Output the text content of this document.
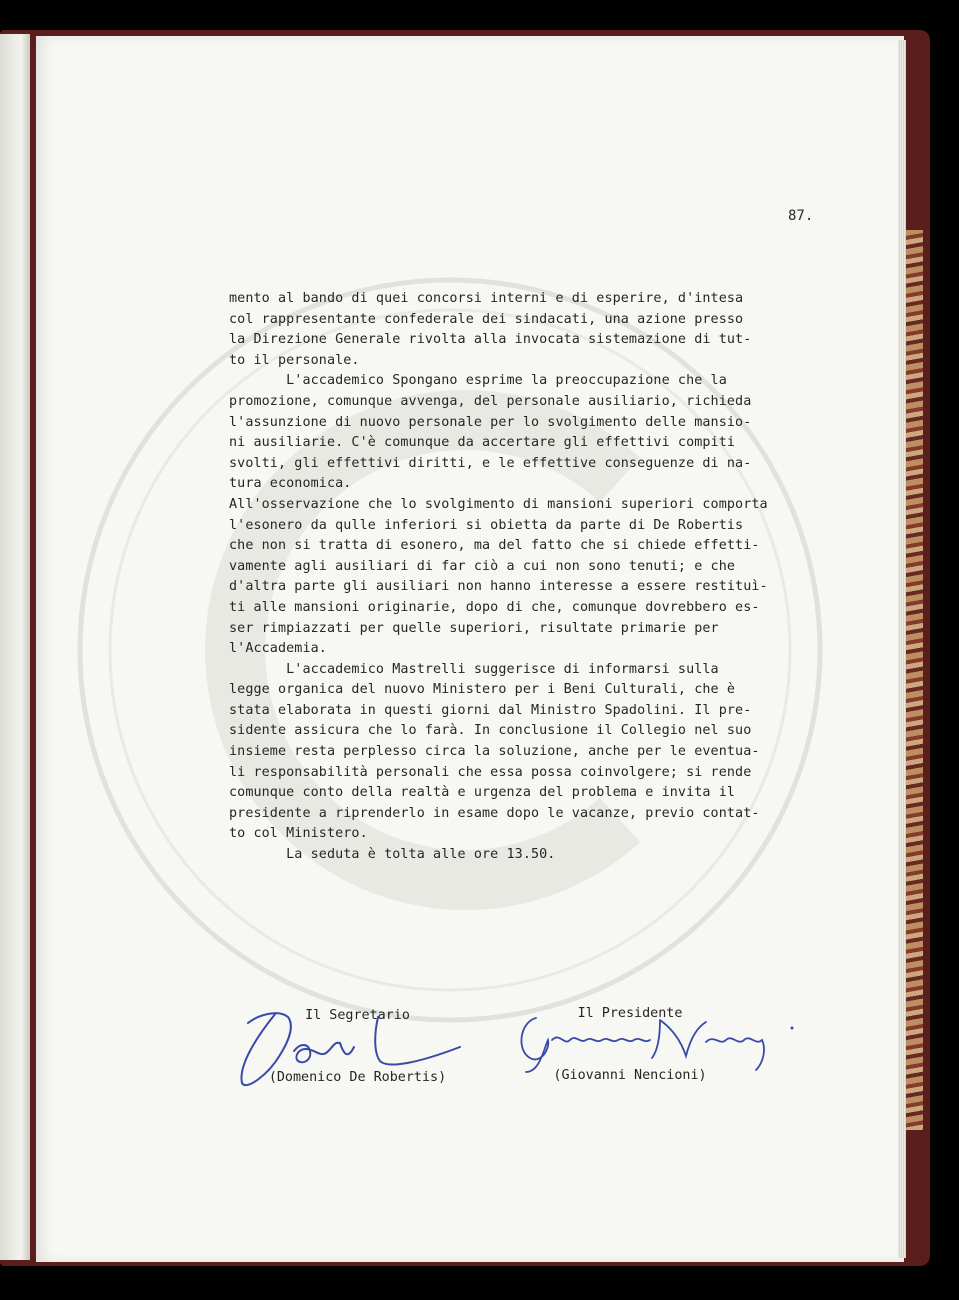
87.
mento al bando di quei concorsi interni e di esperire, d'intesa
col rappresentante confederale dei sindacati, una azione presso
la Direzione Generale rivolta alla invocata sistemazione di tut-
to il personale.
L'accademico Spongano esprime la preoccupazione che la
promozione, comunque avvenga, del personale ausiliario, richieda
l'assunzione di nuovo personale per lo svolgimento delle mansio-
ni ausiliarie. C'è comunque da accertare gli effettivi compiti
svolti, gli effettivi diritti, e le effettive conseguenze di na-
tura economica.
All'osservazione che lo svolgimento di mansioni superiori comporta
l'esonero da qulle inferiori si obietta da parte di De Robertis
che non si tratta di esonero, ma del fatto che si chiede effetti-
vamente agli ausiliari di far ciò a cui non sono tenuti; e che
d'altra parte gli ausiliari non hanno interesse a essere restituì-
ti alle mansioni originarie, dopo di che, comunque dovrebbero es-
ser rimpiazzati per quelle superiori, risultate primarie per
l'Accademia.
L'accademico Mastrelli suggerisce di informarsi sulla
legge organica del nuovo Ministero per i Beni Culturali, che è
stata elaborata in questi giorni dal Ministro Spadolini. Il pre-
sidente assicura che lo farà. In conclusione il Collegio nel suo
insieme resta perplesso circa la soluzione, anche per le eventua-
li responsabilità personali che essa possa coinvolgere; si rende
comunque conto della realtà e urgenza del problema e invita il
presidente a riprenderlo in esame dopo le vacanze, previo contat-
to col Ministero.
La seduta è tolta alle ore 13.50.

Il Segretario

(Domenico De Robertis)

Il Presidente

(Giovanni Nencioni)
